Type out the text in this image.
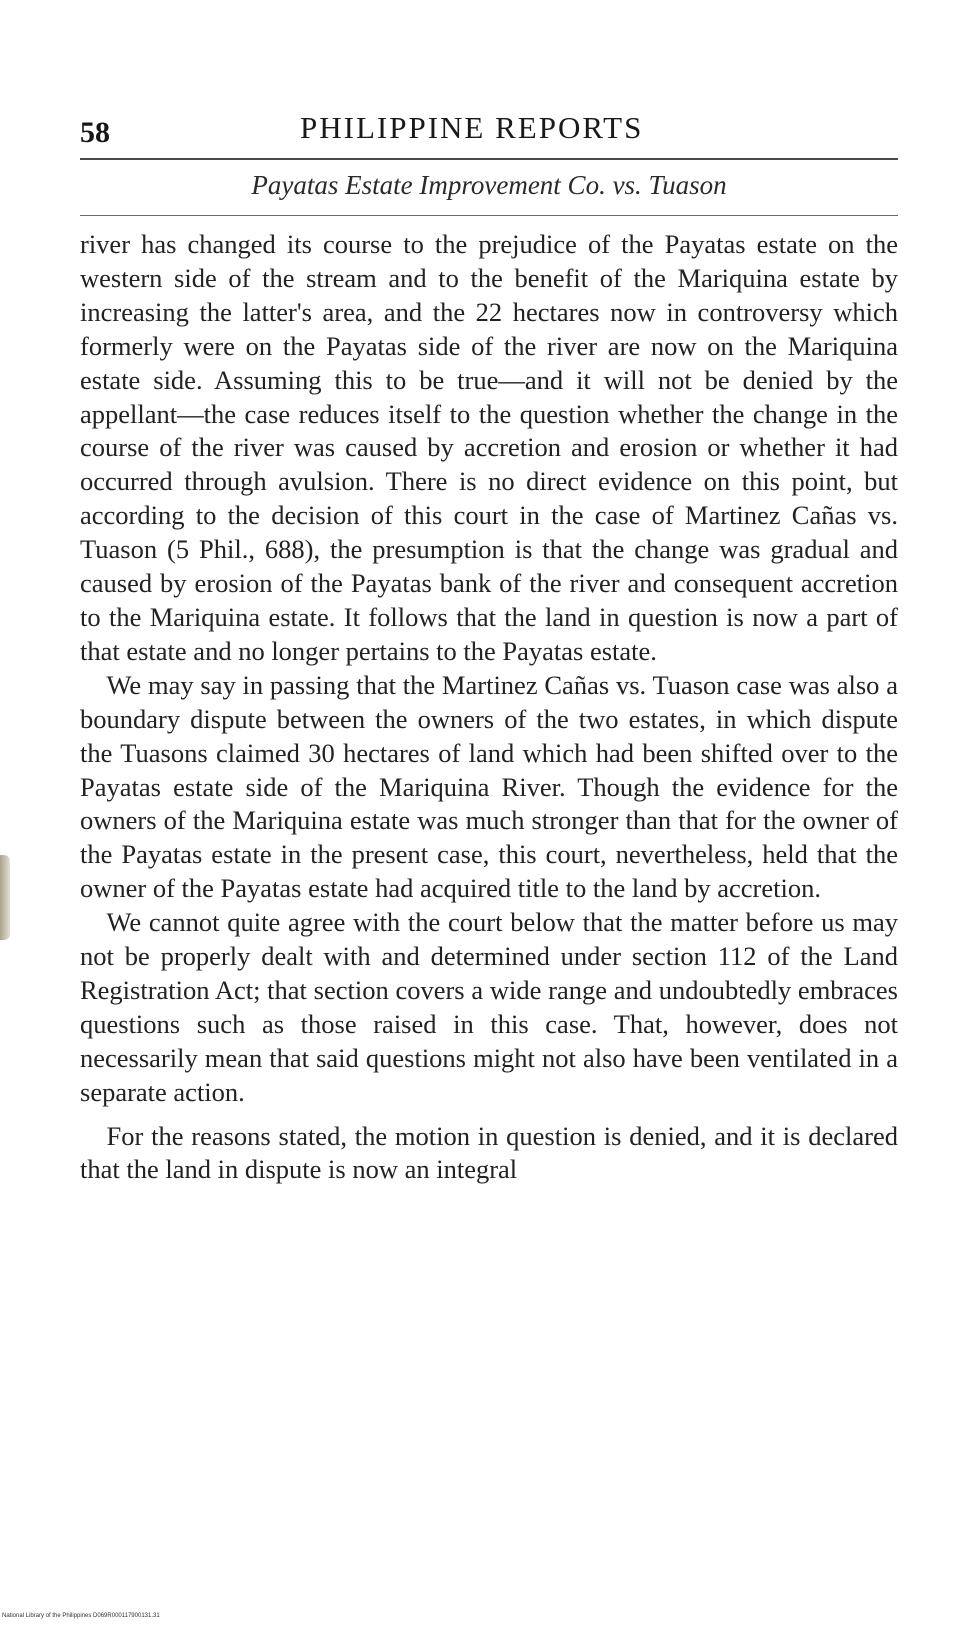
58	PHILIPPINE REPORTS
Payatas Estate Improvement Co. vs. Tuason

river has changed its course to the prejudice of the Payatas estate on the western side of the stream and to the benefit of the Mariquina estate by increasing the latter's area, and the 22 hectares now in controversy which formerly were on the Payatas side of the river are now on the Mariquina estate side. Assuming this to be true—and it will not be denied by the appellant—the case reduces itself to the question whether the change in the course of the river was caused by accretion and erosion or whether it had occurred through avulsion. There is no direct evidence on this point, but according to the decision of this court in the case of Martinez Cañas vs. Tuason (5 Phil., 688), the presumption is that the change was gradual and caused by erosion of the Payatas bank of the river and consequent accretion to the Mariquina estate. It follows that the land in question is now a part of that estate and no longer pertains to the Payatas estate.

We may say in passing that the Martinez Cañas vs. Tuason case was also a boundary dispute between the owners of the two estates, in which dispute the Tuasons claimed 30 hectares of land which had been shifted over to the Payatas estate side of the Mariquina River. Though the evidence for the owners of the Mariquina estate was much stronger than that for the owner of the Payatas estate in the present case, this court, nevertheless, held that the owner of the Payatas estate had acquired title to the land by accretion.

We cannot quite agree with the court below that the matter before us may not be properly dealt with and determined under section 112 of the Land Registration Act; that section covers a wide range and undoubtedly embraces questions such as those raised in this case. That, however, does not necessarily mean that said questions might not also have been ventilated in a separate action.

For the reasons stated, the motion in question is denied, and it is declared that the land in dispute is now an integral

National Library of the Philippines D069R000117900131.31
